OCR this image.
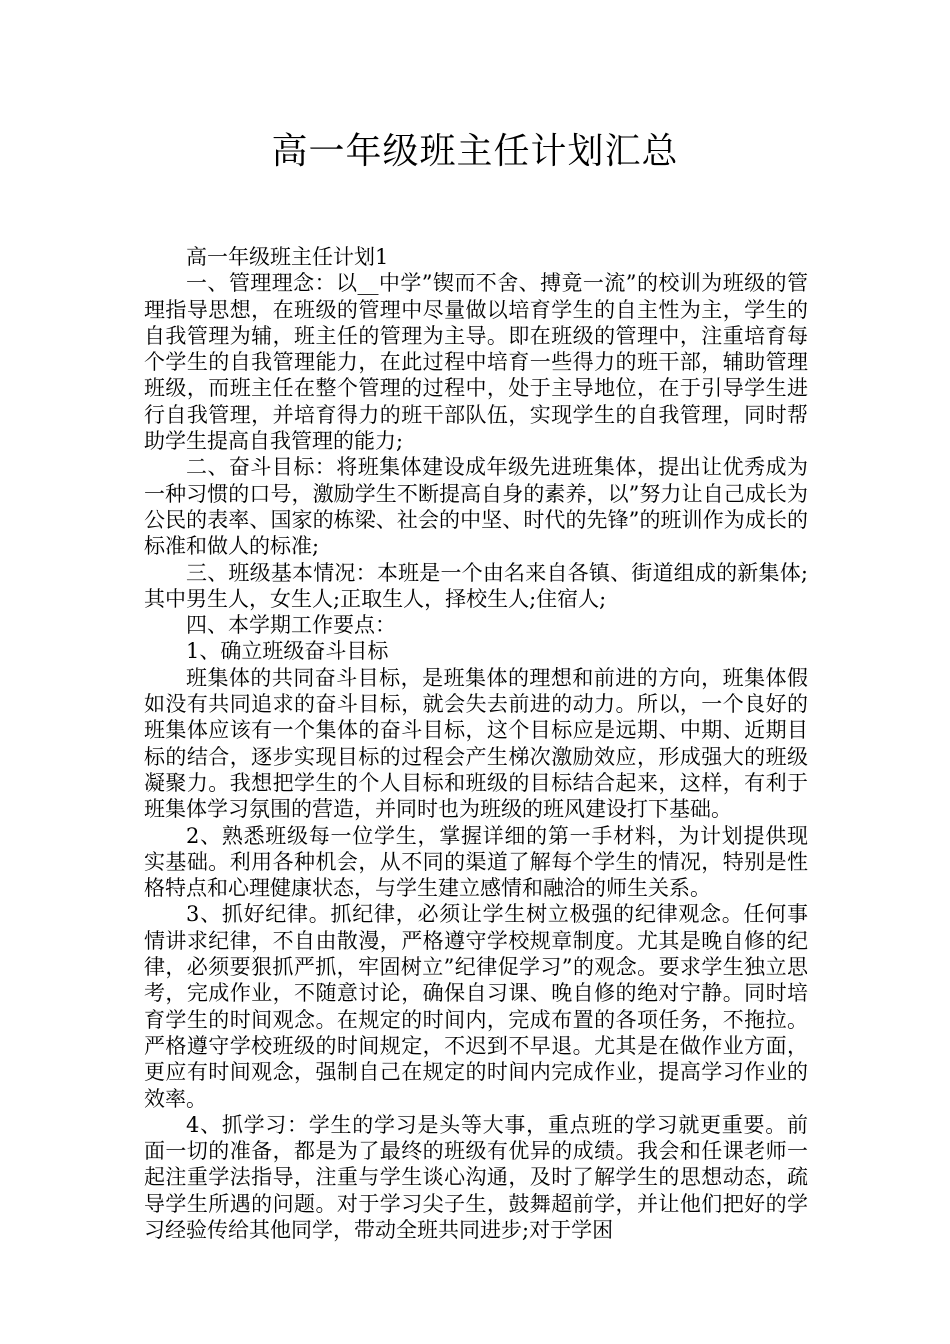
高一年级班主任计划汇总

高一年级班主任计划1

一、管理理念：以__中学”锲而不舍、搏竟一流”的校训为班级的管理指导思想，在班级的管理中尽量做以培育学生的自主性为主，学生的自我管理为辅，班主任的管理为主导。即在班级的管理中，注重培育每个学生的自我管理能力，在此过程中培育一些得力的班干部，辅助管理班级，而班主任在整个管理的过程中，处于主导地位，在于引导学生进行自我管理，并培育得力的班干部队伍，实现学生的自我管理，同时帮助学生提高自我管理的能力;

二、奋斗目标：将班集体建设成年级先进班集体，提出让优秀成为一种习惯的口号，激励学生不断提高自身的素养，以”努力让自己成长为公民的表率、国家的栋梁、社会的中坚、时代的先锋”的班训作为成长的标准和做人的标准;

三、班级基本情况：本班是一个由名来自各镇、街道组成的新集体;其中男生人，女生人;正取生人，择校生人;住宿人;

四、本学期工作要点：

1、确立班级奋斗目标

班集体的共同奋斗目标，是班集体的理想和前进的方向，班集体假如没有共同追求的奋斗目标，就会失去前进的动力。所以，一个良好的班集体应该有一个集体的奋斗目标，这个目标应是远期、中期、近期目标的结合，逐步实现目标的过程会产生梯次激励效应，形成强大的班级凝聚力。我想把学生的个人目标和班级的目标结合起来，这样，有利于班集体学习氛围的营造，并同时也为班级的班风建设打下基础。

2、熟悉班级每一位学生，掌握详细的第一手材料，为计划提供现实基础。利用各种机会，从不同的渠道了解每个学生的情况，特别是性格特点和心理健康状态，与学生建立感情和融洽的师生关系。

3、抓好纪律。抓纪律，必须让学生树立极强的纪律观念。任何事情讲求纪律，不自由散漫，严格遵守学校规章制度。尤其是晚自修的纪律，必须要狠抓严抓，牢固树立”纪律促学习”的观念。要求学生独立思考，完成作业，不随意讨论，确保自习课、晚自修的绝对宁静。同时培育学生的时间观念。在规定的时间内，完成布置的各项任务，不拖拉。严格遵守学校班级的时间规定，不迟到不早退。尤其是在做作业方面，更应有时间观念，强制自己在规定的时间内完成作业，提高学习作业的效率。

4、抓学习：学生的学习是头等大事，重点班的学习就更重要。前面一切的准备，都是为了最终的班级有优异的成绩。我会和任课老师一起注重学法指导，注重与学生谈心沟通，及时了解学生的思想动态，疏导学生所遇的问题。对于学习尖子生，鼓舞超前学，并让他们把好的学习经验传给其他同学，带动全班共同进步;对于学困
